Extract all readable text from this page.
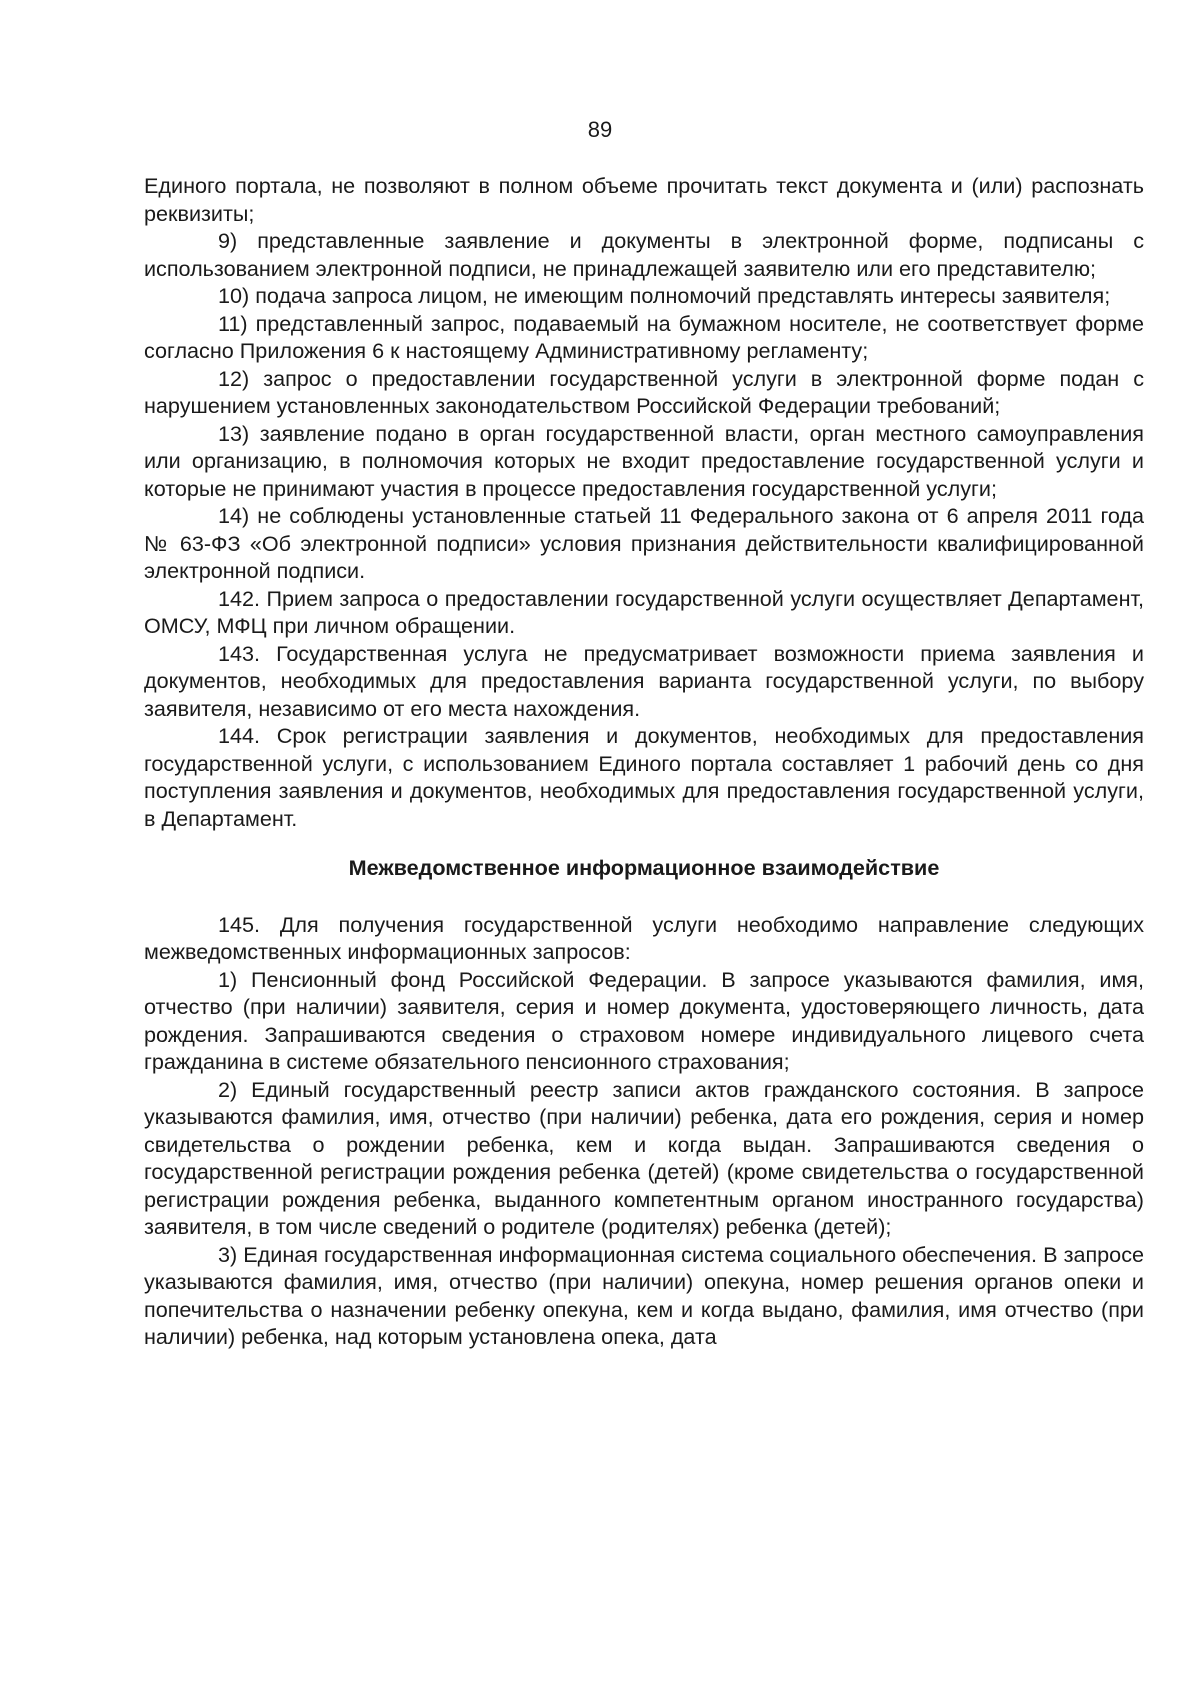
89

Единого портала, не позволяют в полном объеме прочитать текст документа и (или) распознать реквизиты;

9) представленные заявление и документы в электронной форме, подписаны с использованием электронной подписи, не принадлежащей заявителю или его представителю;

10) подача запроса лицом, не имеющим полномочий представлять интересы заявителя;

11) представленный запрос, подаваемый на бумажном носителе, не соответствует форме согласно Приложения 6 к настоящему Административному регламенту;

12) запрос о предоставлении государственной услуги в электронной форме подан с нарушением установленных законодательством Российской Федерации требований;

13) заявление подано в орган государственной власти, орган местного самоуправления или организацию, в полномочия которых не входит предоставление государственной услуги и которые не принимают участия в процессе предоставления государственной услуги;

14) не соблюдены установленные статьей 11 Федерального закона от 6 апреля 2011 года № 63-ФЗ «Об электронной подписи» условия признания действительности квалифицированной электронной подписи.

142. Прием запроса о предоставлении государственной услуги осуществляет Департамент, ОМСУ, МФЦ при личном обращении.

143. Государственная услуга не предусматривает возможности приема заявления и документов, необходимых для предоставления варианта государственной услуги, по выбору заявителя, независимо от его места нахождения.

144. Срок регистрации заявления и документов, необходимых для предоставления государственной услуги, с использованием Единого портала составляет 1 рабочий день со дня поступления заявления и документов, необходимых для предоставления государственной услуги, в Департамент.

Межведомственное информационное взаимодействие

145. Для получения государственной услуги необходимо направление следующих межведомственных информационных запросов:

1) Пенсионный фонд Российской Федерации. В запросе указываются фамилия, имя, отчество (при наличии) заявителя, серия и номер документа, удостоверяющего личность, дата рождения. Запрашиваются сведения о страховом номере индивидуального лицевого счета гражданина в системе обязательного пенсионного страхования;

2) Единый государственный реестр записи актов гражданского состояния. В запросе указываются фамилия, имя, отчество (при наличии) ребенка, дата его рождения, серия и номер свидетельства о рождении ребенка, кем и когда выдан. Запрашиваются сведения о государственной регистрации рождения ребенка (детей) (кроме свидетельства о государственной регистрации рождения ребенка, выданного компетентным органом иностранного государства) заявителя, в том числе сведений о родителе (родителях) ребенка (детей);

3) Единая государственная информационная система социального обеспечения. В запросе указываются фамилия, имя, отчество (при наличии) опекуна, номер решения органов опеки и попечительства о назначении ребенку опекуна, кем и когда выдано, фамилия, имя отчество (при наличии) ребенка, над которым установлена опека, дата
